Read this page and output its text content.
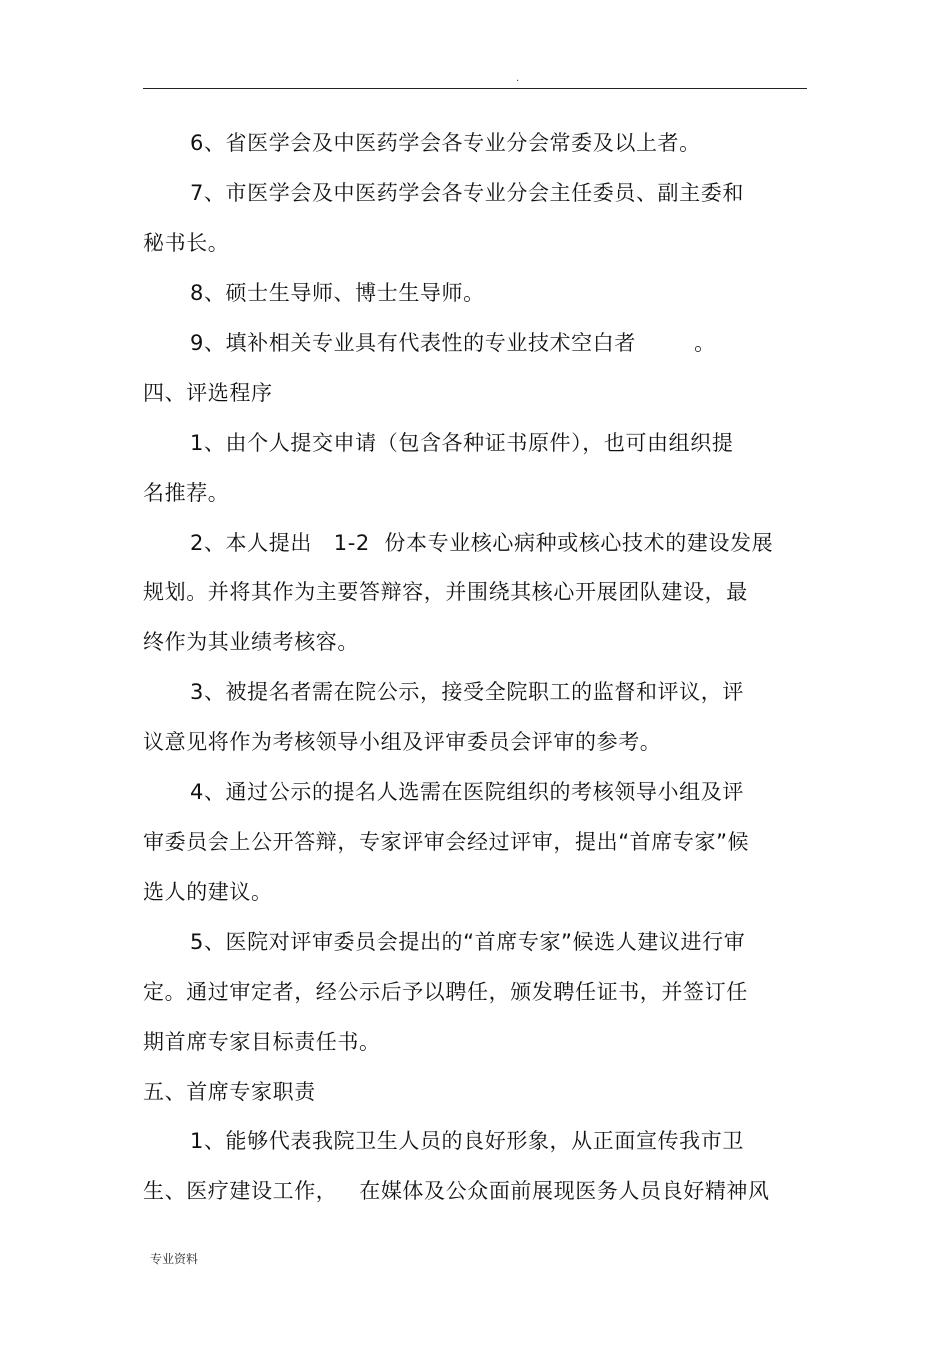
.
6、省医学会及中医药学会各专业分会常委及以上者。
7、市医学会及中医药学会各专业分会主任委员、副主委和
秘书长。
8、硕士生导师、博士生导师。
9、填补相关专业具有代表性的专业技术空白者        。
四、评选程序
1、由个人提交申请（包含各种证书原件），也可由组织提
名推荐。
2、本人提出   1-2  份本专业核心病种或核心技术的建设发展
规划。并将其作为主要答辩容，并围绕其核心开展团队建设，最
终作为其业绩考核容。
3、被提名者需在院公示，接受全院职工的监督和评议，评
议意见将作为考核领导小组及评审委员会评审的参考。
4、通过公示的提名人选需在医院组织的考核领导小组及评
审委员会上公开答辩，专家评审会经过评审，提出“首席专家”候
选人的建议。
5、医院对评审委员会提出的“首席专家”候选人建议进行审
定。通过审定者，经公示后予以聘任，颁发聘任证书，并签订任
期首席专家目标责任书。
五、首席专家职责
1、能够代表我院卫生人员的良好形象，从正面宣传我市卫
生、医疗建设工作，   在媒体及公众面前展现医务人员良好精神风
专业资料
